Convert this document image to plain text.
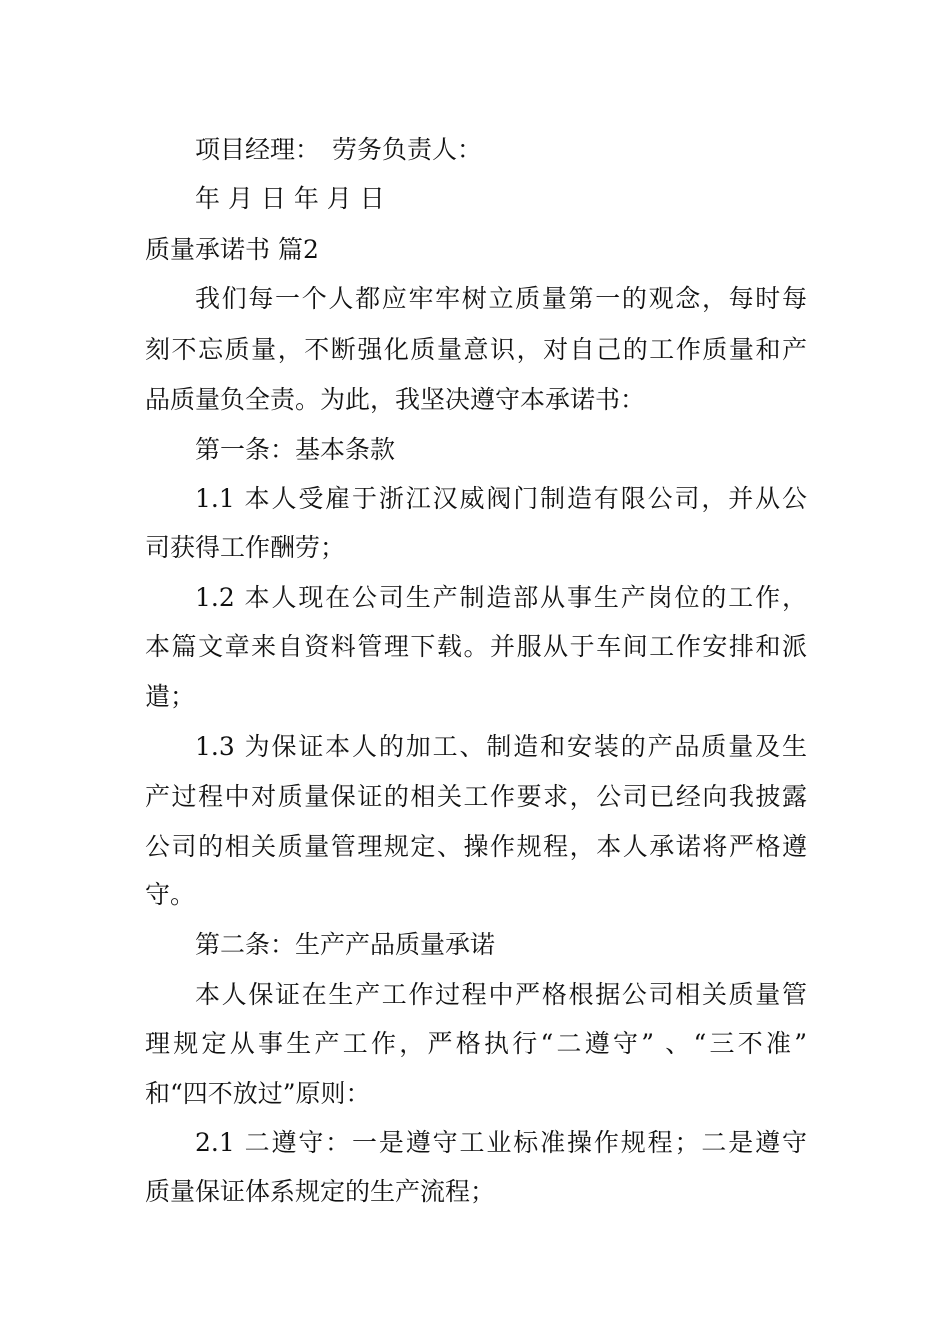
项目经理： 劳务负责人：
年 月 日 年 月 日
质量承诺书 篇2
我们每一个人都应牢牢树立质量第一的观念，每时每
刻不忘质量，不断强化质量意识，对自己的工作质量和产
品质量负全责。为此，我坚决遵守本承诺书：
第一条：基本条款
1.1 本人受雇于浙江汉威阀门制造有限公司，并从公
司获得工作酬劳；
1.2 本人现在公司生产制造部从事生产岗位的工作，
本篇文章来自资料管理下载。并服从于车间工作安排和派
遣；
1.3 为保证本人的加工、制造和安装的产品质量及生
产过程中对质量保证的相关工作要求，公司已经向我披露
公司的相关质量管理规定、操作规程，本人承诺将严格遵
守。
第二条：生产产品质量承诺
本人保证在生产工作过程中严格根据公司相关质量管
理规定从事生产工作，严格执行“二遵守” 、“三不准”
和“四不放过”原则：
2.1 二遵守：一是遵守工业标准操作规程；二是遵守
质量保证体系规定的生产流程；
